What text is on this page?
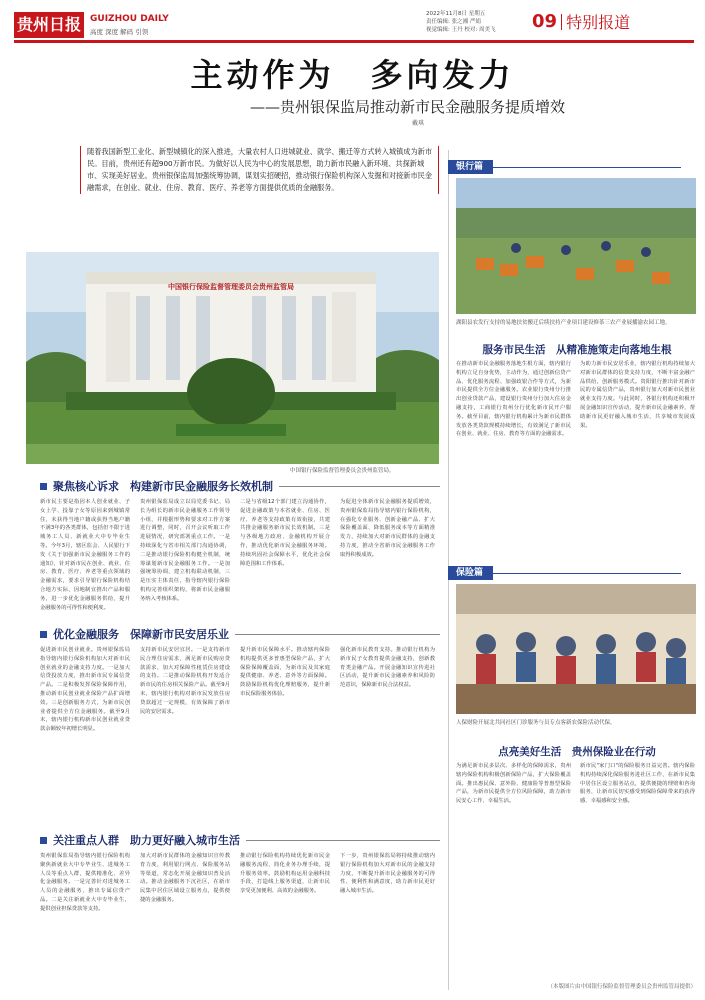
贵州日报	GUIZHOU DAILY
高度 深度 解码 引领
2022年11月8日 星期五
责任编辑: 张之湘 严娟
视觉编辑: 王丹 校对: 周美飞	09 特别报道
主动作为　多向发力
——贵州银保监局推动新市民金融服务提质增效
戴琪
随着我国新型工业化、新型城镇化的深入推进，大量农村人口进城就业、就学、搬迁等方式转入城镇成为新市民。目前，贵州还有超900万新市民。为做好以人民为中心的发展思想，助力新市民融入新环境、共探新城市、实现美好居业。贵州银保监局加强统筹协调，谋划实招硬招，推动银行保险机构深入发掘和对接新市民金融需求，在创业、就业、住房、教育、医疗、养老等方面提供优质的金融服务。
中国银行保险监督管理委员会贵州监管局
中国银行保险监督管理委员会贵州监管局。
聚焦核心诉求　构建新市民金融服务长效机制
新市民主要是指因本人创业就业、子女上学、投靠子女等原因来到城镇常住，未获得当地户籍或获得当地户籍不满3年的各类群体，包括但不限于进城务工人员、新就业大中专毕业生等。今年3月，辖区监会、人民银行下发《关于加强新市民金融服务工作的通知》，针对新市民在创业、就业、住房、教育、医疗、养老等重点领域的金融需求，要求引导银行保险机构结合地方实际，因地制宜推出产品和服务，进一步优化金融服务供给，提升金融服务的可得性和便利度。
贵州银保监局成立以局党委书记、局长为组长的新市民金融服务工作领导小组，并根据形势和要求对工作方案进行调整，同时，召开会议听取工作进展情况，研究部署重点工作。一是持续深化与省市相关部门沟通协调，二是推动银行保险机构健全机制，统筹谋划新市民金融服务工作。一是加强统筹协调，建立机构联动机制，三是压实主体责任，指导辖内银行保险机构完善组织架构，将新市民金融服务纳入考核体系。
二是与省级12个部门建立沟通协作，促进金融政策与本省就业、住房、医疗、养老等支持政策有效衔接，共建共推金融服务新市民长效机制。三是与各级地方政府、金融机构开展合作，推动优化新市民金融服务环境。持续巩固社会保障水平，优化社会保障范围和工作体系。
为促进全体新市民金融服务提质增效，贵州银保监局指导辖内银行保险机构，在强化专业服务、创新金融产品、扩大保险覆盖面、降低服务成本等方面精准发力，持续加大对新市民群体的金融支持力度，推动全省新市民金融服务工作取得积极成效。
优化金融服务　保障新市民安居乐业
促进新市民创业就业。贵州银保监局指导辖内银行保险机构加大对新市民创业就业的金融支持力度。一是加大信贷投放力度，推出新市民专属信贷产品。二是积极发挥保险保障作用，推动新市民创业就业保险产品扩面增效。三是创新服务方式，为新市民创业者提供全方位金融服务。截至9月末，辖内银行机构新市民创业就业贷款余额较年初增长明显。
支持新市民安居宜居。一是支持新市民合理住房需求，满足新市民购房贷款需求，加大对保障性租赁住房建设的支持。二是推动保险机构开发适合新市民的住房相关保险产品。截至9月末，辖内银行机构对新市民发放住房贷款超过一定规模，有效保障了新市民的安居需求。
提升新市民保障水平。推动辖内保险机构提供更多普惠型保险产品，扩大保险保障覆盖面，为新市民及其家庭提供健康、养老、意外等方面保障。鼓励保险机构优化理赔服务，提升新市民保险服务体验。
强化新市民教育支持。推动银行机构为新市民子女教育提供金融支持，创新教育类金融产品。开展金融知识宣传进社区活动，提升新市民金融素养和风险防范意识，保障新市民合法权益。
关注重点人群　助力更好融入城市生活
贵州银保监局指导辖内银行保险机构聚焦新就业大中专毕业生、进城务工人员等重点人群，提供精准化、差异化金融服务。一是完善针对进城务工人员的金融服务，推出专属信贷产品。二是关注新就业大中专毕业生，提供创业担保贷款等支持。
加大对新市民群体的金融知识宣传教育力度，利用银行网点、保险服务站等渠道，常态化开展金融知识普及活动。推动金融服务下沉社区，在新市民集中居住区域设立服务点，提供便捷的金融服务。
推动银行保险机构持续优化新市民金融服务流程，简化业务办理手续，提升服务效率。鼓励机构运用金融科技手段，打造线上服务渠道，让新市民享受更加便利、高效的金融服务。
下一步，贵州银保监局将持续推动辖内银行保险机构加大对新市民的金融支持力度，不断提升新市民金融服务的可得性、便利性和满意度，助力新市民更好融入城市生活。
银行篇
湖阳县农发行支持的易地扶贫搬迁后续扶持产业项目建设修茶三农产业展播渝农园工地。
服务市民生活　从精准施策走向落地生根
在推动新市民金融服务落地生根方面，辖内银行机构立足自身优势，主动作为，通过创新信贷产品、优化服务流程、加强政银合作等方式，为新市民提供全方位金融服务。农业银行贵州分行推出创业贷款产品，建设银行贵州分行加大住房金融支持，工商银行贵州分行优化新市民开户服务。截至目前，辖内银行机构累计为新市民群体发放各类贷款规模持续增长，有效满足了新市民在创业、就业、住房、教育等方面的金融需求。
为助力新市民安居乐业，辖内银行机构持续加大对新市民群体的信贷支持力度，不断丰富金融产品供给，创新服务模式。贵阳银行推出针对新市民的专属信贷产品，贵州银行加大对新市民创业就业支持力度。与此同时，各银行机构还积极开展金融知识宣传活动，提升新市民金融素养，帮助新市民更好融入城市生活，共享城市发展成果。
保险篇
人保财险开展北共同社区门诊服务与员专点客新农保险活动代保。
点亮美好生活　贵州保险业在行动
为满足新市民多层次、多样化的保障需求，贵州辖内保险机构积极创新保险产品，扩大保险覆盖面。推出惠民保、意外险、健康险等普惠型保险产品，为新市民提供全方位风险保障，助力新市民安心工作、幸福生活。
新市民"家门口"的保险服务日益完善。辖内保险机构持续深化保险服务进社区工作，在新市民集中居住区设立服务站点，提供便捷的理赔和咨询服务，让新市民切实感受到保险保障带来的获得感、幸福感和安全感。
（本版图片由中国银行保险监督管理委员会贵州监管局提供）
